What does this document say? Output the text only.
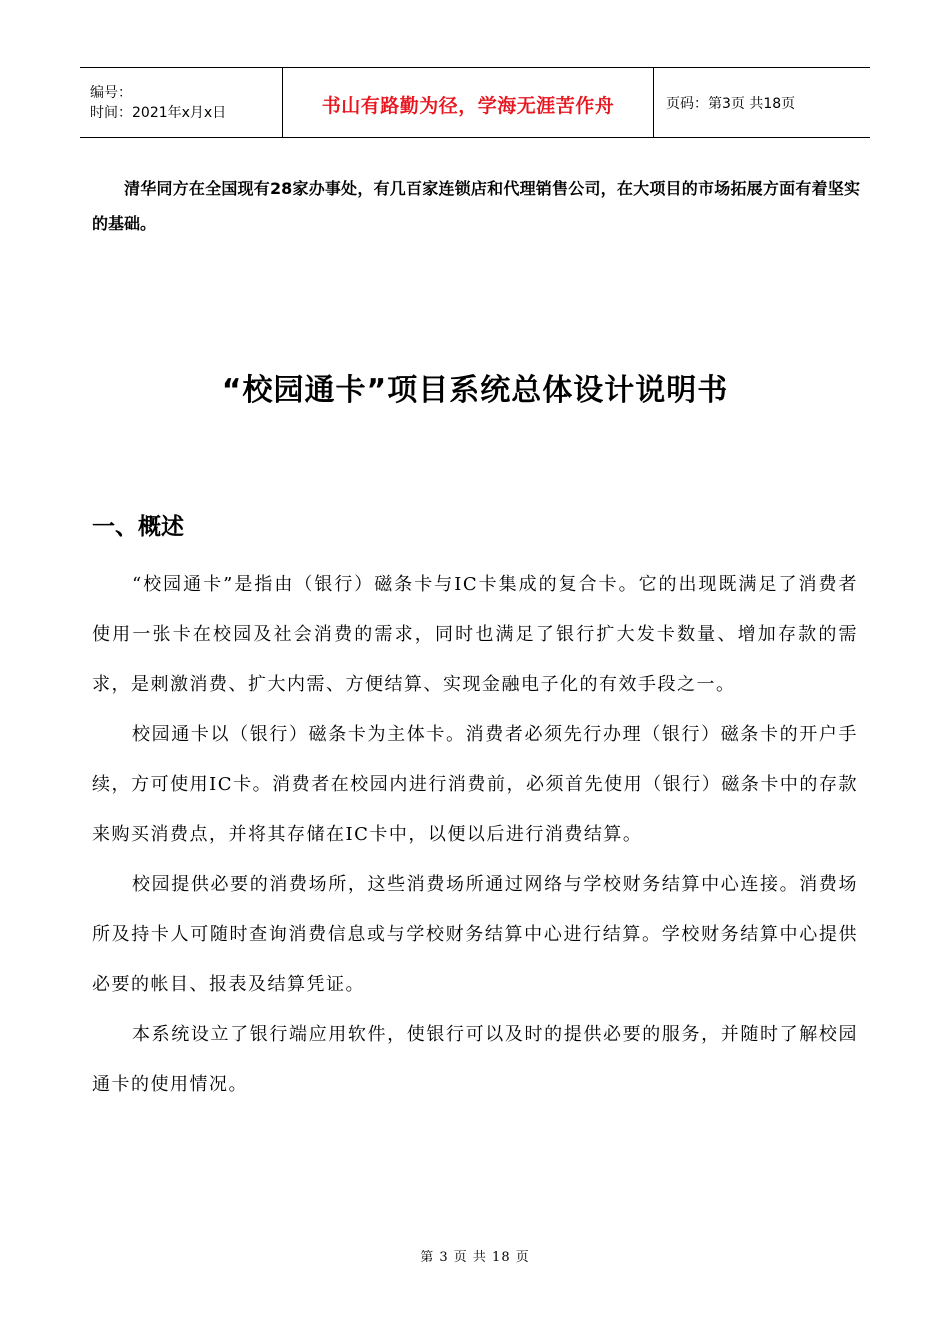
编号：
时间：2021年x月x日	书山有路勤为径，学海无涯苦作舟	页码：第3页 共18页

清华同方在全国现有28家办事处，有几百家连锁店和代理销售公司，在大项目的市场拓展方面有着坚实的基础。

“校园通卡”项目系统总体设计说明书
一、概述

“校园通卡”是指由（银行）磁条卡与IC卡集成的复合卡。它的出现既满足了消费者使用一张卡在校园及社会消费的需求，同时也满足了银行扩大发卡数量、增加存款的需求，是刺激消费、扩大内需、方便结算、实现金融电子化的有效手段之一。

校园通卡以（银行）磁条卡为主体卡。消费者必须先行办理（银行）磁条卡的开户手续，方可使用IC卡。消费者在校园内进行消费前，必须首先使用（银行）磁条卡中的存款来购买消费点，并将其存储在IC卡中，以便以后进行消费结算。

校园提供必要的消费场所，这些消费场所通过网络与学校财务结算中心连接。消费场所及持卡人可随时查询消费信息或与学校财务结算中心进行结算。学校财务结算中心提供必要的帐目、报表及结算凭证。

本系统设立了银行端应用软件，使银行可以及时的提供必要的服务，并随时了解校园通卡的使用情况。

第 3 页 共 18 页
